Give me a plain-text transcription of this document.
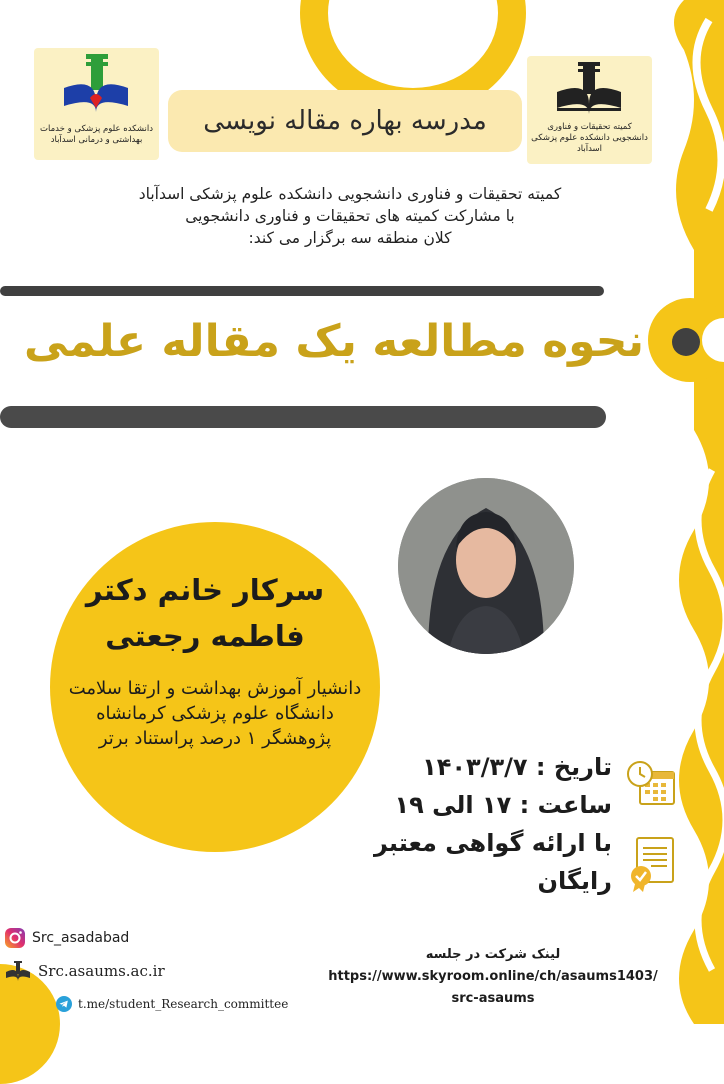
دانشکده علوم پزشکی و خدمات بهداشتی و درمانی اسدآباد
کمیته تحقیقات و فناوری دانشجویی دانشکده علوم پزشکی اسدآباد
مدرسه بهاره مقاله نویسی
کمیته تحقیقات و فناوری دانشجویی دانشکده علوم پزشکی اسدآباد
با مشارکت کمیته های تحقیقات و فناوری دانشجویی
کلان منطقه سه برگزار می کند:
نحوه مطالعه یک مقاله علمی
سرکار خانم دکتر
فاطمه رجعتی
دانشیار آموزش بهداشت و ارتقا سلامت
دانشگاه علوم پزشکی کرمانشاه
پژوهشگر ۱ درصد پراستناد برتر
تاریخ : ۱۴۰۳/۳/۷
ساعت : ۱۷ الی ۱۹
با ارائه گواهی معتبر
رایگان
Src_asadabad
Src.asaums.ac.ir
t.me/student_Research_committee
لینک شرکت در جلسه
https://www.skyroom.online/ch/asaums1403/
src-asaums
